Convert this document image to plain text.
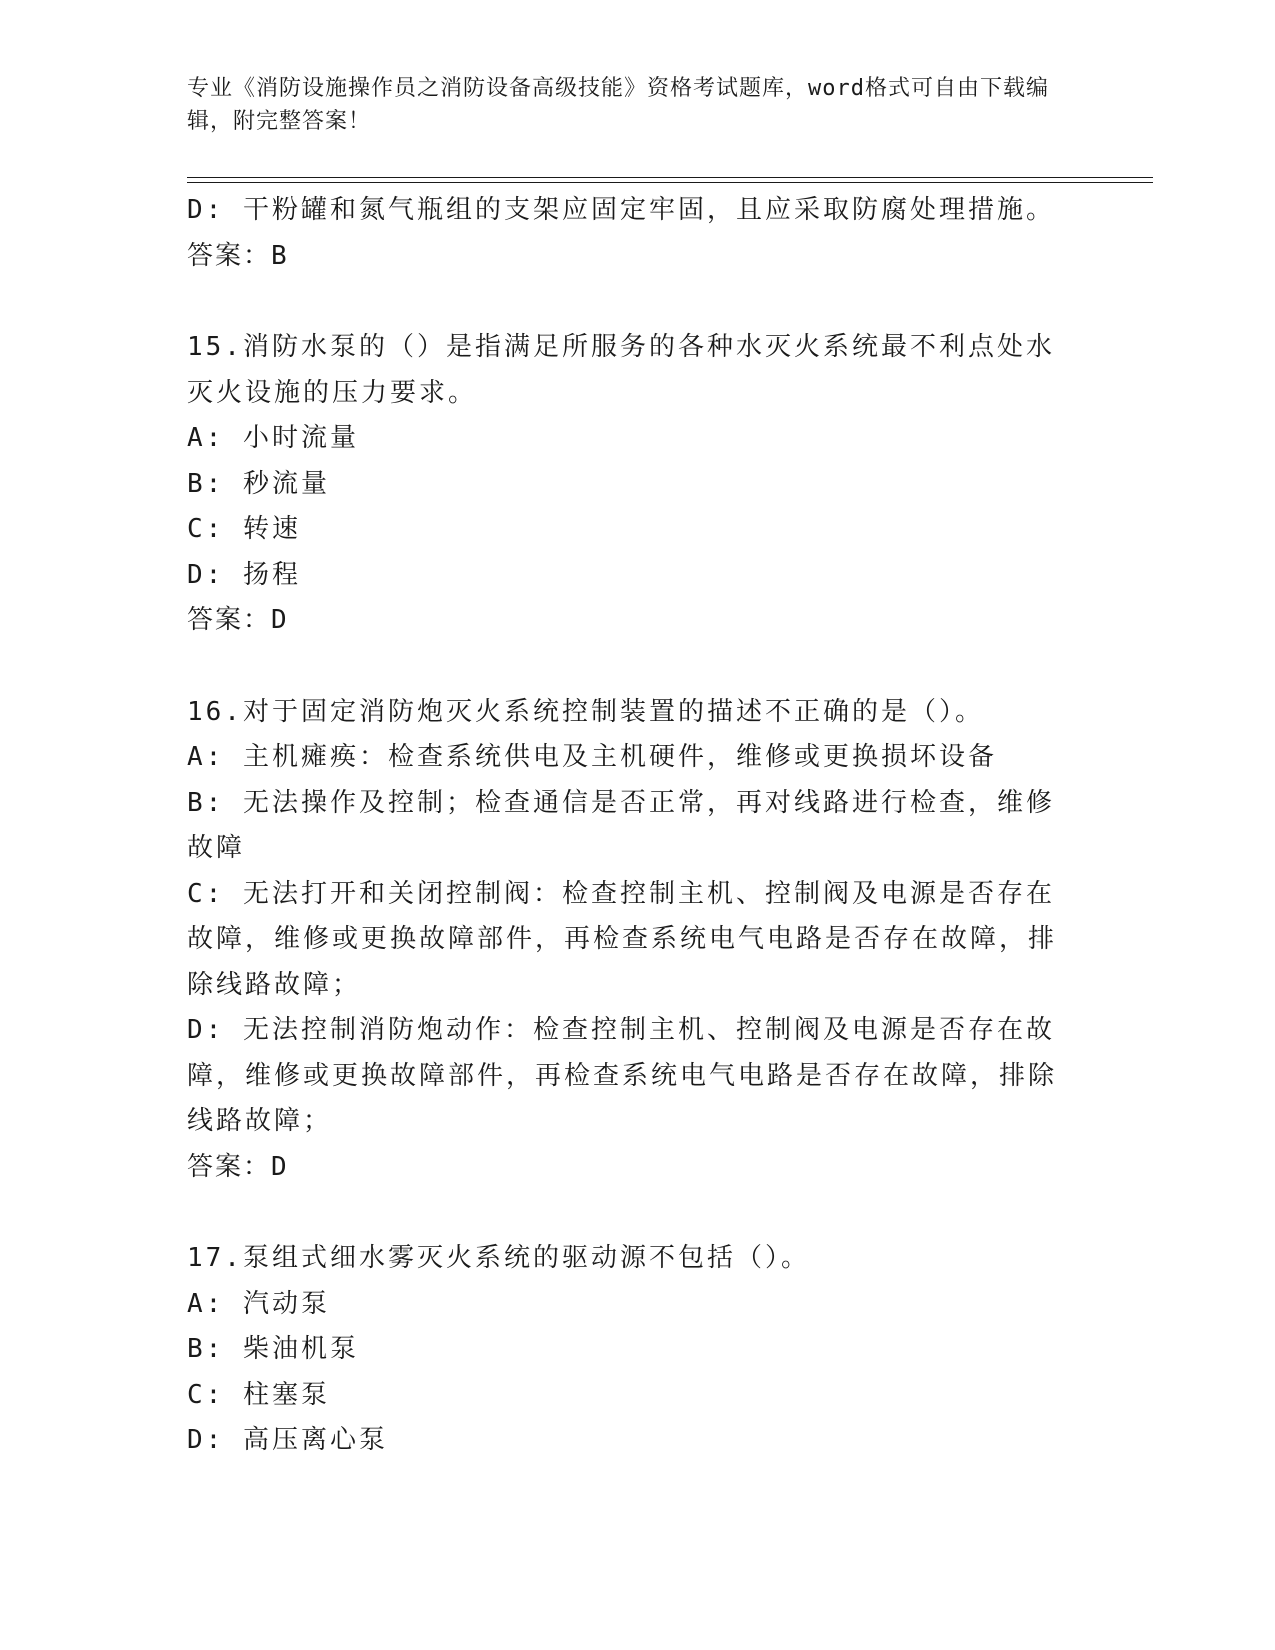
专业《消防设施操作员之消防设备高级技能》资格考试题库，word格式可自由下载编辑，附完整答案！
D: 干粉罐和氮气瓶组的支架应固定牢固，且应采取防腐处理措施。
答案：B
15.消防水泵的（）是指满足所服务的各种水灭火系统最不利点处水灭火设施的压力要求。
A: 小时流量
B: 秒流量
C: 转速
D: 扬程
答案：D
16.对于固定消防炮灭火系统控制装置的描述不正确的是（）。
A: 主机瘫痪：检查系统供电及主机硬件，维修或更换损坏设备
B: 无法操作及控制；检查通信是否正常，再对线路进行检查，维修故障
C: 无法打开和关闭控制阀：检查控制主机、控制阀及电源是否存在故障，维修或更换故障部件，再检查系统电气电路是否存在故障，排除线路故障；
D: 无法控制消防炮动作：检查控制主机、控制阀及电源是否存在故障，维修或更换故障部件，再检查系统电气电路是否存在故障，排除线路故障；
答案：D
17.泵组式细水雾灭火系统的驱动源不包括（）。
A: 汽动泵
B: 柴油机泵
C: 柱塞泵
D: 高压离心泵
